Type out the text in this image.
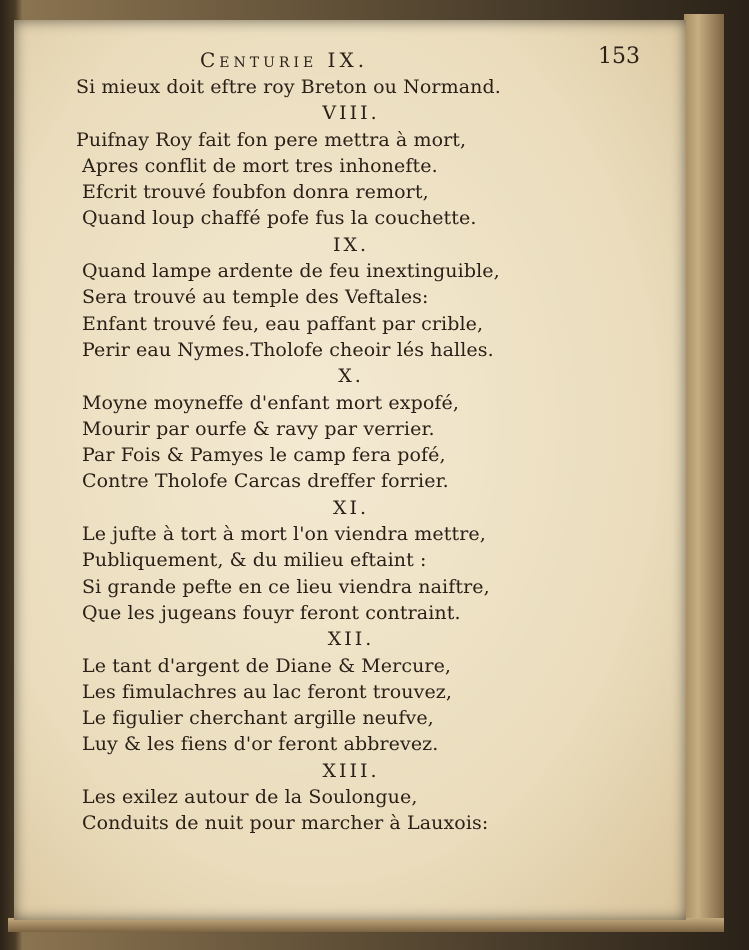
Centurie IX.	153
Si mieux doit eftre roy Breton ou Normand.
VIII.
Puifnay Roy fait fon pere mettra à mort,
Apres conflit de mort tres inhonefte.
Efcrit trouvé foubfon donra remort,
Quand loup chaffé pofe fus la couchette.
IX.
Quand lampe ardente de feu inextinguible,
Sera trouvé au temple des Veftales:
Enfant trouvé feu, eau paffant par crible,
Perir eau Nymes.Tholofe cheoir lés halles.
X.
Moyne moyneffe d'enfant mort expofé,
Mourir par ourfe & ravy par verrier.
Par Fois & Pamyes le camp fera pofé,
Contre Tholofe Carcas dreffer forrier.
XI.
Le jufte à tort à mort l'on viendra mettre,
Publiquement, & du milieu eftaint :
Si grande pefte en ce lieu viendra naiftre,
Que les jugeans fouyr feront contraint.
XII.
Le tant d'argent de Diane & Mercure,
Les fimulachres au lac feront trouvez,
Le figulier cherchant argille neufve,
Luy & les fiens d'or feront abbrevez.
XIII.
Les exilez autour de la Soulongue,
Conduits de nuit pour marcher à Lauxois:
